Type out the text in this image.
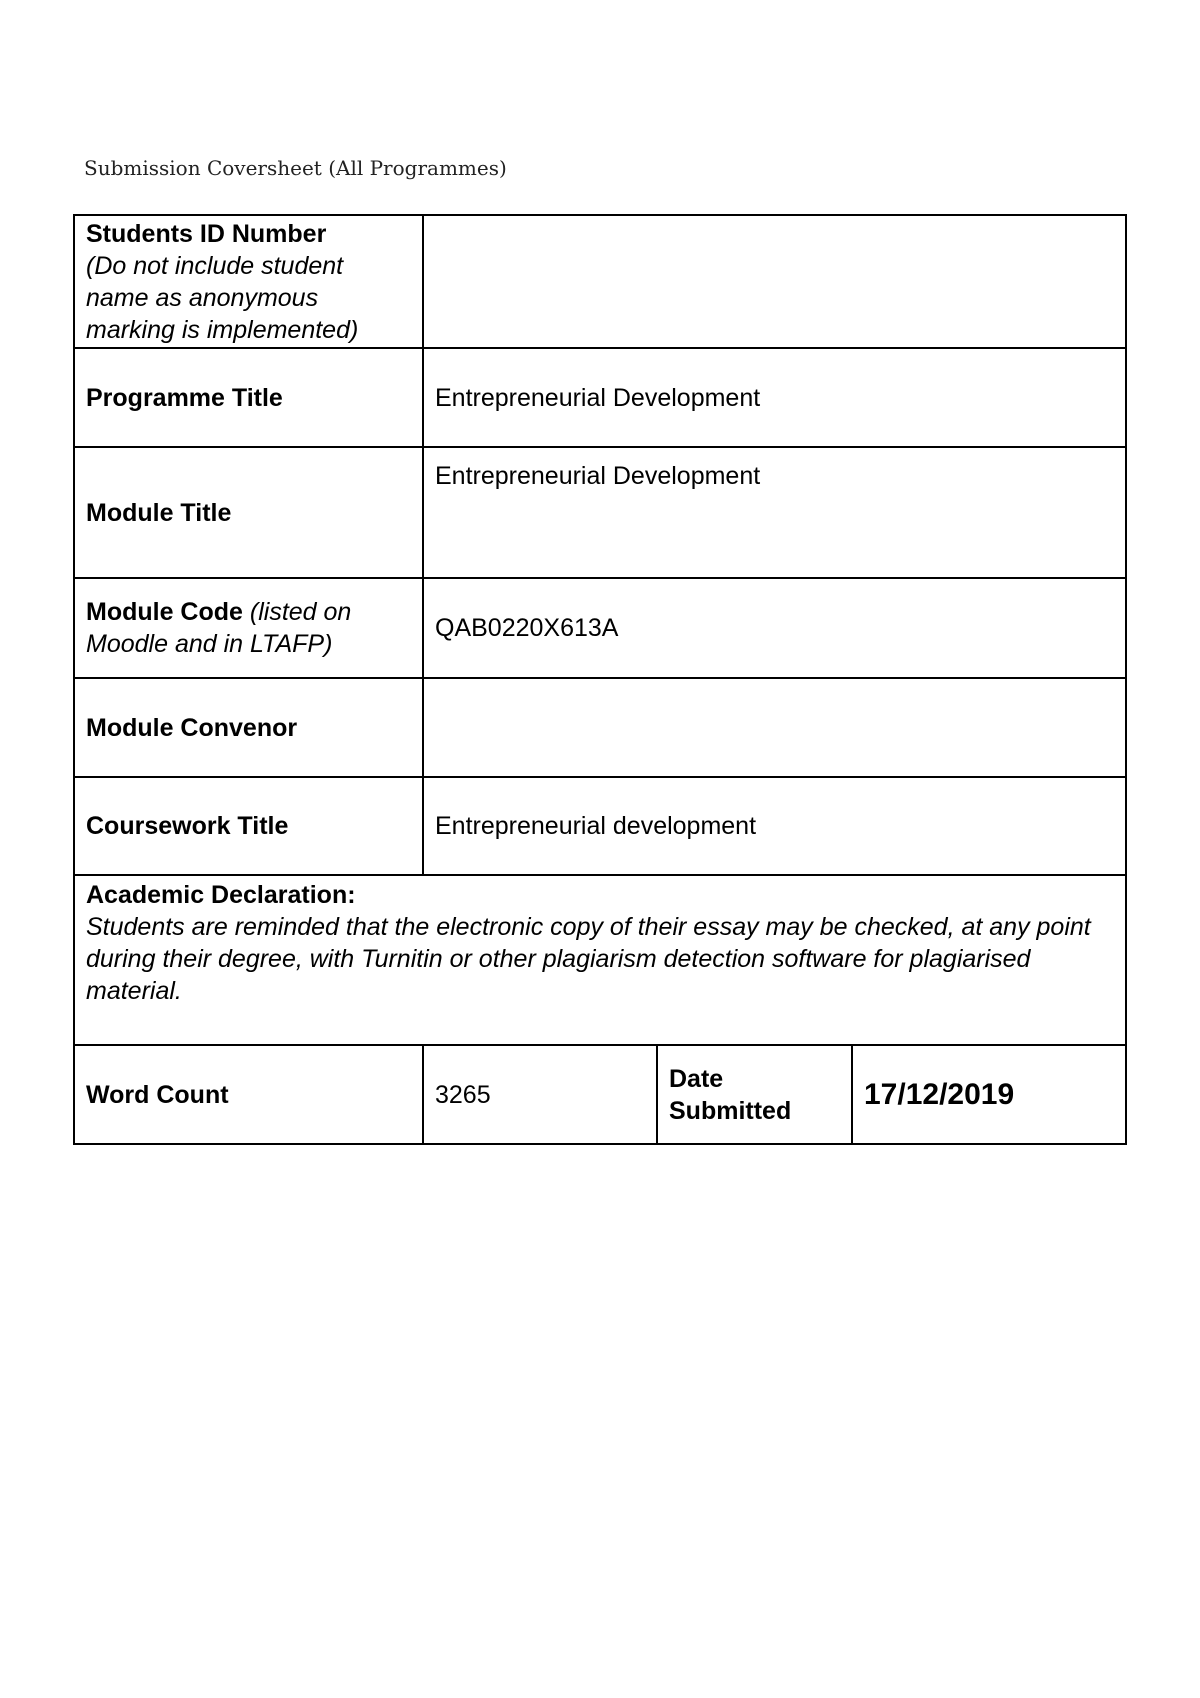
Submission Coversheet (All Programmes)
Students ID Number
(Do not include student name as anonymous marking is implemented)			
Programme Title	Entrepreneurial Development		
Module Title	Entrepreneurial Development		
Module Code (listed on Moodle and in LTAFP)	QAB0220X613A		
Module Convenor			
Coursework Title	Entrepreneurial development		
Academic Declaration:
Students are reminded that the electronic copy of their essay may be checked, at any point during their degree, with Turnitin or other plagiarism detection software for plagiarised material.			
Word Count	3265	Date Submitted	17/12/2019
